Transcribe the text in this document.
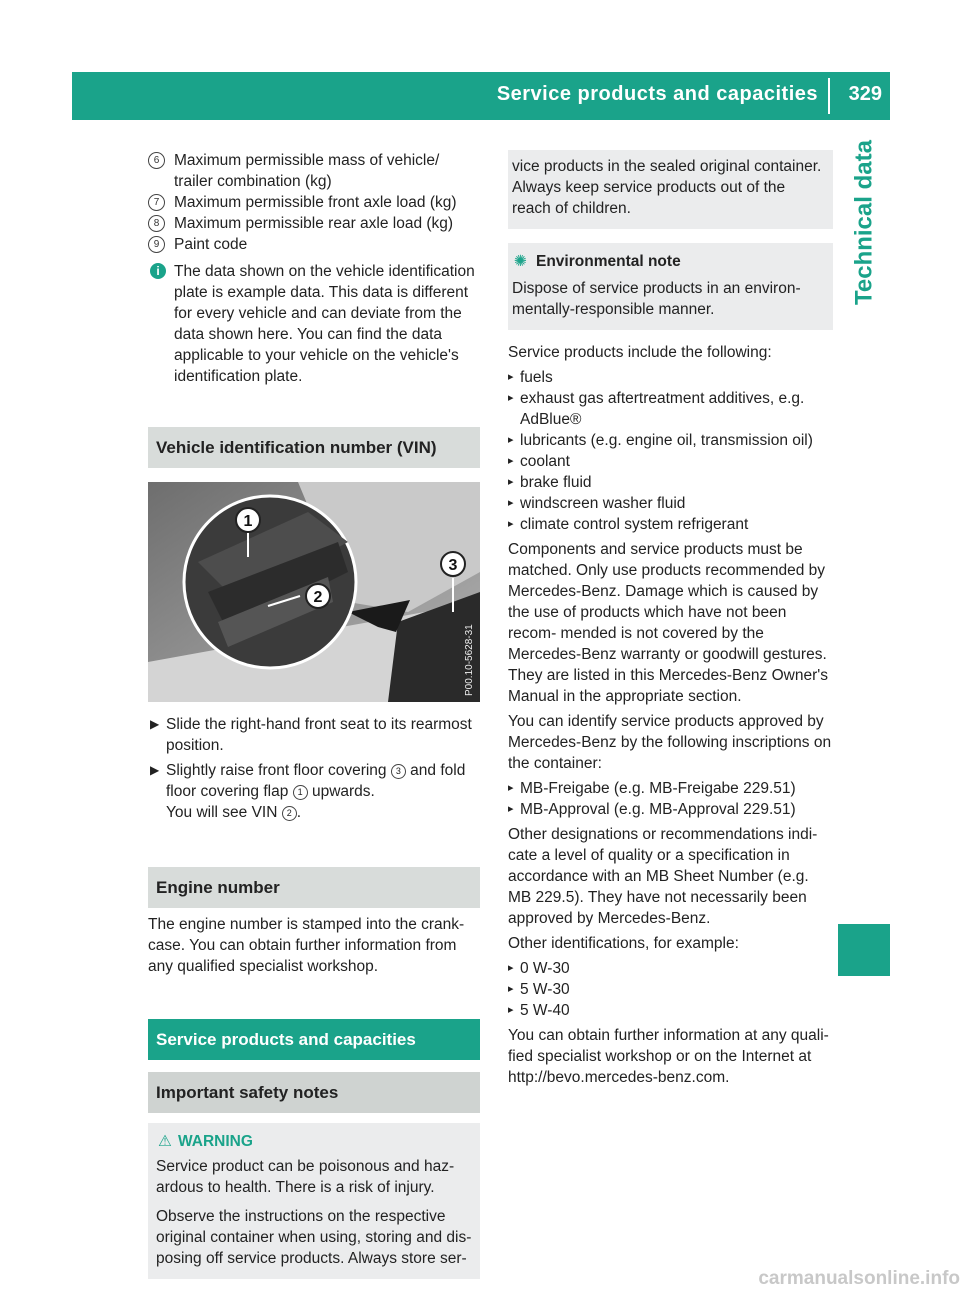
Service products and capacities 329
Technical data
6 Maximum permissible mass of vehicle/ trailer combination (kg)
7 Maximum permissible front axle load (kg)
8 Maximum permissible rear axle load (kg)
9 Paint code
i The data shown on the vehicle identification plate is example data. This data is different for every vehicle and can deviate from the data shown here. You can find the data applicable to your vehicle on the vehicle's identification plate.

Vehicle identification number (VIN)
1
2
3
P00.10-5628-31
▶ Slide the right-hand front seat to its rearmost position.
▶ Slightly raise front floor covering 3 and fold floor covering flap 1 upwards.
You will see VIN 2 .
Engine number

The engine number is stamped into the crank- case. You can obtain further information from any qualified specialist workshop.

Service products and capacities
Important safety notes
⚠ WARNING

Service product can be poisonous and haz- ardous to health. There is a risk of injury.

Observe the instructions on the respective original container when using, storing and dis- posing off service products. Always store ser-

vice products in the sealed original container. Always keep service products out of the reach of children.

✺ Environmental note

Dispose of service products in an environ- mentally-responsible manner.

Service products include the following:

▸ fuels
▸ exhaust gas aftertreatment additives, e.g. AdBlue®
▸ lubricants (e.g. engine oil, transmission oil)
▸ coolant
▸ brake fluid
▸ windscreen washer fluid
▸ climate control system refrigerant

Components and service products must be matched. Only use products recommended by Mercedes-Benz. Damage which is caused by the use of products which have not been recom- mended is not covered by the Mercedes-Benz warranty or goodwill gestures. They are listed in this Mercedes-Benz Owner's Manual in the appropriate section.

You can identify service products approved by Mercedes-Benz by the following inscriptions on the container:

▸ MB-Freigabe (e.g. MB-Freigabe 229.51)
▸ MB-Approval (e.g. MB-Approval 229.51)

Other designations or recommendations indi- cate a level of quality or a specification in accordance with an MB Sheet Number (e.g. MB 229.5). They have not necessarily been approved by Mercedes-Benz.

Other identifications, for example:

▸ 0 W-30
▸ 5 W-30
▸ 5 W-40

You can obtain further information at any quali- fied specialist workshop or on the Internet at http://bevo.mercedes-benz.com.

carmanualsonline.info
